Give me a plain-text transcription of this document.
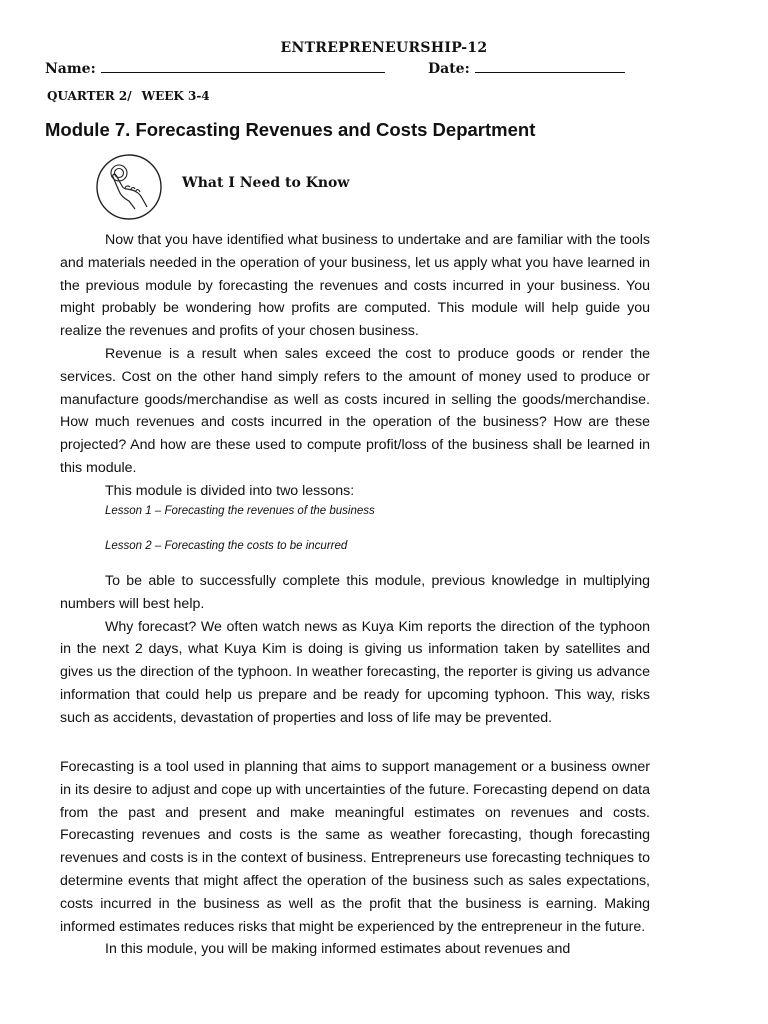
ENTREPRENEURSHIP-12
Name:	Date:
QUARTER 2/ WEEK 3-4
Module 7. Forecasting Revenues and Costs Department
What I Need to Know

Now that you have identified what business to undertake and are familiar with the tools and materials needed in the operation of your business, let us apply what you have learned in the previous module by forecasting the revenues and costs incurred in your business. You might probably be wondering how profits are computed. This module will help guide you realize the revenues and profits of your chosen business.

Revenue is a result when sales exceed the cost to produce goods or render the services. Cost on the other hand simply refers to the amount of money used to produce or manufacture goods/merchandise as well as costs incured in selling the goods/merchandise. How much revenues and costs incurred in the operation of the business? How are these projected? And how are these used to compute profit/loss of the business shall be learned in this module.

This module is divided into two lessons:

Lesson 1 – Forecasting the revenues of the business
Lesson 2 – Forecasting the costs to be incurred

To be able to successfully complete this module, previous knowledge in multiplying numbers will best help.

Why forecast? We often watch news as Kuya Kim reports the direction of the typhoon in the next 2 days, what Kuya Kim is doing is giving us information taken by satellites and gives us the direction of the typhoon. In weather forecasting, the reporter is giving us advance information that could help us prepare and be ready for upcoming typhoon. This way, risks such as accidents, devastation of properties and loss of life may be prevented.

Forecasting is a tool used in planning that aims to support management or a business owner in its desire to adjust and cope up with uncertainties of the future. Forecasting depend on data from the past and present and make meaningful estimates on revenues and costs. Forecasting revenues and costs is the same as weather forecasting, though forecasting revenues and costs is in the context of business. Entrepreneurs use forecasting techniques to determine events that might affect the operation of the business such as sales expectations, costs incurred in the business as well as the profit that the business is earning. Making informed estimates reduces risks that might be experienced by the entrepreneur in the future.

In this module, you will be making informed estimates about revenues and
